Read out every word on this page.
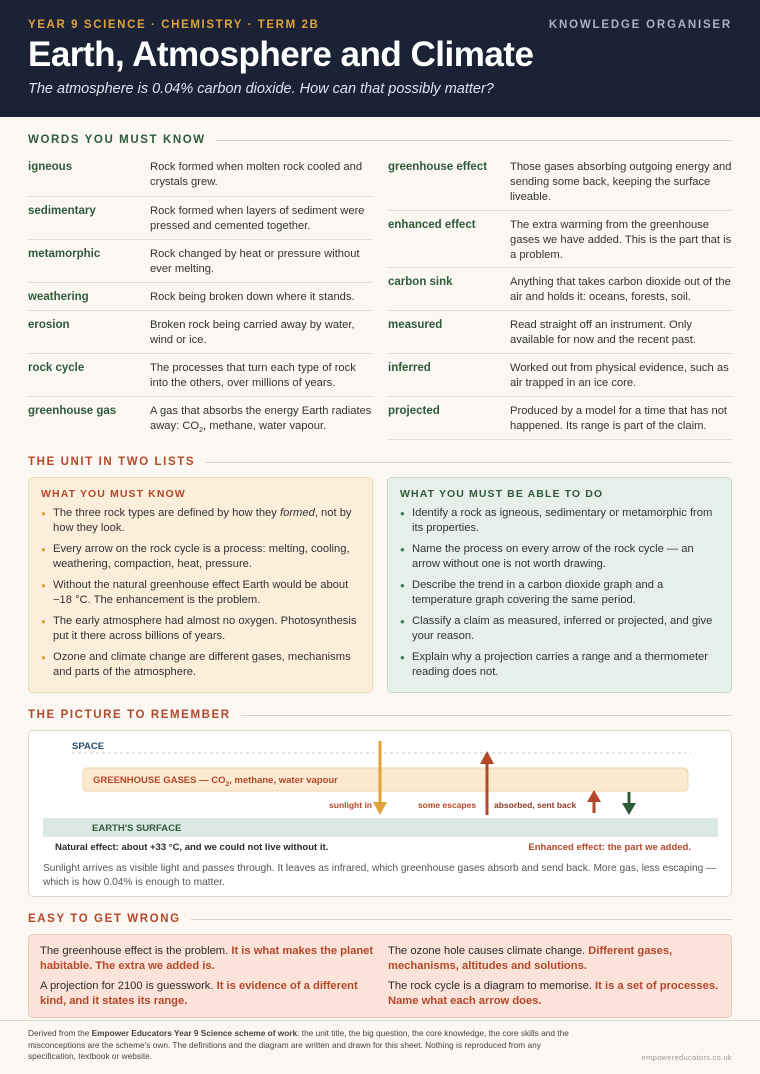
YEAR 9 SCIENCE · CHEMISTRY · TERM 2B	KNOWLEDGE ORGANISER
Earth, Atmosphere and Climate
The atmosphere is 0.04% carbon dioxide. How can that possibly matter?
WORDS YOU MUST KNOW
igneous	Rock formed when molten rock cooled and crystals grew.
sedimentary	Rock formed when layers of sediment were pressed and cemented together.
metamorphic	Rock changed by heat or pressure without ever melting.
weathering	Rock being broken down where it stands.
erosion	Broken rock being carried away by water, wind or ice.
rock cycle	The processes that turn each type of rock into the others, over millions of years.
greenhouse gas	A gas that absorbs the energy Earth radiates away: $CO_2$, methane, water vapour.
greenhouse effect	Those gases absorbing outgoing energy and sending some back, keeping the surface liveable.
enhanced effect	The extra warming from the greenhouse gases we have added. This is the part that is a problem.
carbon sink	Anything that takes carbon dioxide out of the air and holds it: oceans, forests, soil.
measured	Read straight off an instrument. Only available for now and the recent past.
inferred	Worked out from physical evidence, such as air trapped in an ice core.
projected	Produced by a model for a time that has not happened. Its range is part of the claim.
THE UNIT IN TWO LISTS
WHAT YOU MUST KNOW
● The three rock types are defined by how they formed, not by how they look.
● Every arrow on the rock cycle is a process: melting, cooling, weathering, compaction, heat, pressure.
● Without the natural greenhouse effect Earth would be about −18 °C. The enhancement is the problem.
● The early atmosphere had almost no oxygen. Photosynthesis put it there across billions of years.
● Ozone and climate change are different gases, mechanisms and parts of the atmosphere.
WHAT YOU MUST BE ABLE TO DO
● Identify a rock as igneous, sedimentary or metamorphic from its properties.
● Name the process on every arrow of the rock cycle — an arrow without one is not worth drawing.
● Describe the trend in a carbon dioxide graph and a temperature graph covering the same period.
● Classify a claim as measured, inferred or projected, and give your reason.
● Explain why a projection carries a range and a thermometer reading does not.
THE PICTURE TO REMEMBER
SPACE
GREENHOUSE GASES — $CO_2$, methane, water vapour
sunlight in	some escapes absorbed, sent back
EARTH'S SURFACE
Natural effect: about +33 °C, and we could not live without it.	Enhanced effect: the part we added.
Sunlight arrives as visible light and passes through. It leaves as infrared, which greenhouse gases absorb and send back. More gas, less escaping — which is how 0.04% is enough to matter.
EASY TO GET WRONG
The greenhouse effect is the problem. It is what makes the planet habitable. The extra we added is.
The ozone hole causes climate change. Different gases, mechanisms, altitudes and solutions.
A projection for 2100 is guesswork. It is evidence of a different kind, and it states its range.
The rock cycle is a diagram to memorise. It is a set of processes. Name what each arrow does.
Derived from the Empower Educators Year 9 Science scheme of work: the unit title, the big question, the core knowledge, the core skills and the misconceptions are the scheme's own. The definitions and the diagram are written and drawn for this sheet. Nothing is reproduced from any specification, textbook or website.	empowereducators.co.uk
